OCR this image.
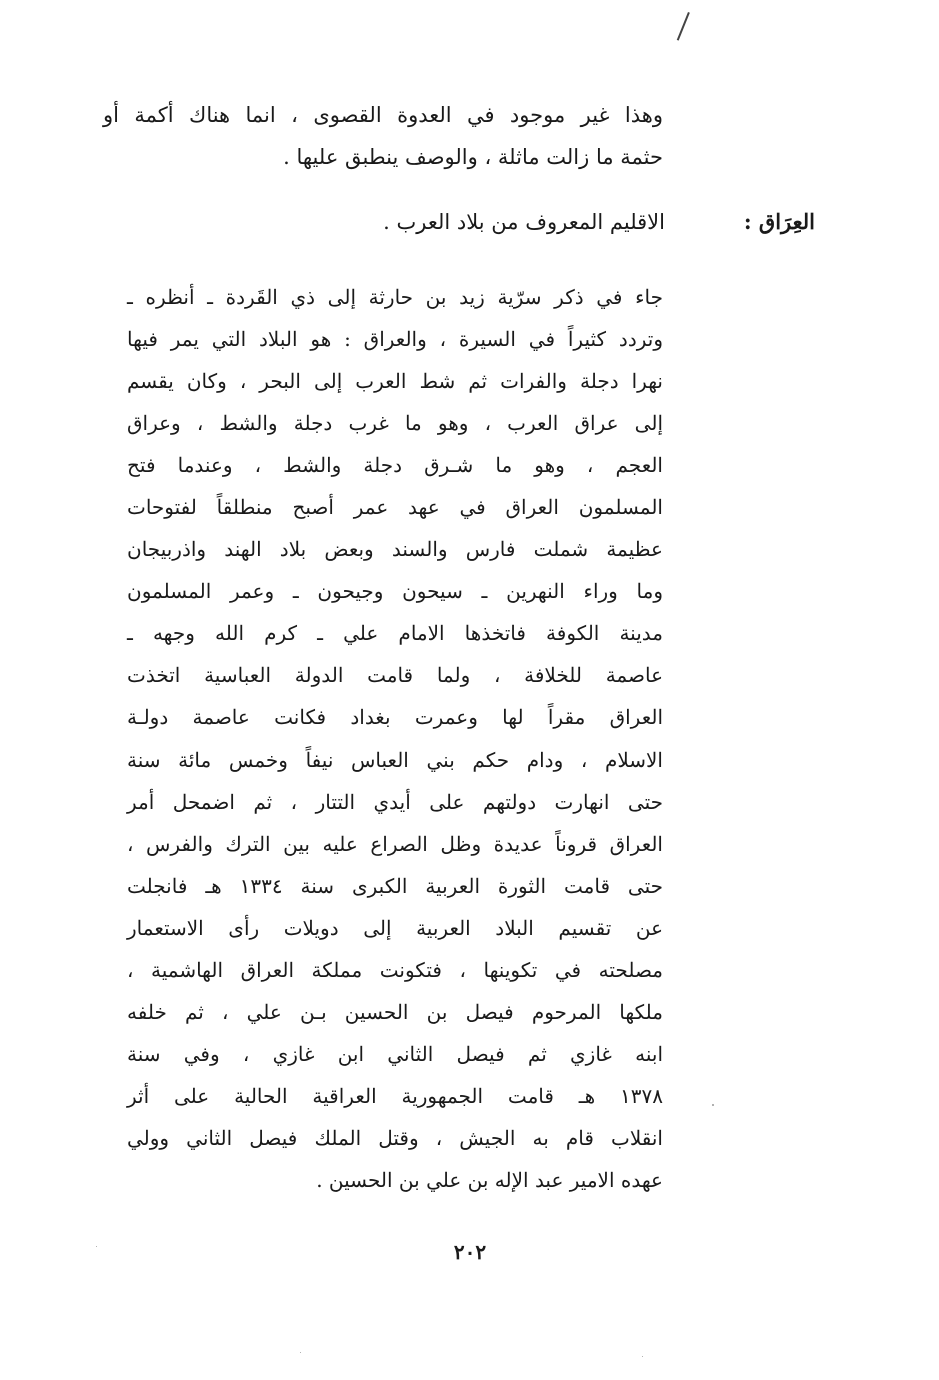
وهذا غير موجود في العدوة القصوى ، انما هناك أكمة أو
حثمة ما زالت ماثلة ، والوصف ينطبق عليها .
العِرَاق :
الاقليم المعروف من بلاد العرب .
جاء في ذكر سرّية زيد بن حارثة إلى ذي القَردة ـ أنظره ـ
وتردد كثيراً في السيرة ، والعراق : هو البلاد التي يمر فيها
نهرا دجلة والفرات ثم شط العرب إلى البحر ، وكان يقسم
إلى عراق العرب ، وهو ما غرب دجلة والشط ، وعراق
العجم ، وهو ما شـرق دجلة والشط ، وعندما فتح
المسلمون العراق في عهد عمر أصبح منطلقاً لفتوحات
عظيمة شملت فارس والسند وبعض بلاد الهند واذربيجان
وما وراء النهرين ـ سيحون وجيحون ـ وعمر المسلمون
مدينة الكوفة فاتخذها الامام علي ـ كرم الله وجهه ـ
عاصمة للخلافة ، ولما قامت الدولة العباسية اتخذت
العراق مقراً لها وعمرت بغداد فكانت عاصمة دولـة
الاسلام ، ودام حكم بني العباس نيفاً وخمس مائة سنة
حتى انهارت دولتهم على أيدي التتار ، ثم اضمحل أمر
العراق قروناً عديدة وظل الصراع عليه بين الترك والفرس ،
حتى قامت الثورة العربية الكبرى سنة ١٣٣٤ هـ فانجلت
عن تقسيم البلاد العربية إلى دويلات رأى الاستعمار
مصلحته في تكوينها ، فتكونت مملكة العراق الهاشمية ،
ملكها المرحوم فيصل بن الحسين بـن علي ، ثم خلفه
ابنه غازي ثم فيصل الثاني ابن غازي ، وفي سنة
١٣٧٨ هـ قامت الجمهورية العراقية الحالية على أثر
انقلاب قام به الجيش ، وقتل الملك فيصل الثاني وولي
عهده الامير عبد الإله بن علي بن الحسين .
٢٠٢
